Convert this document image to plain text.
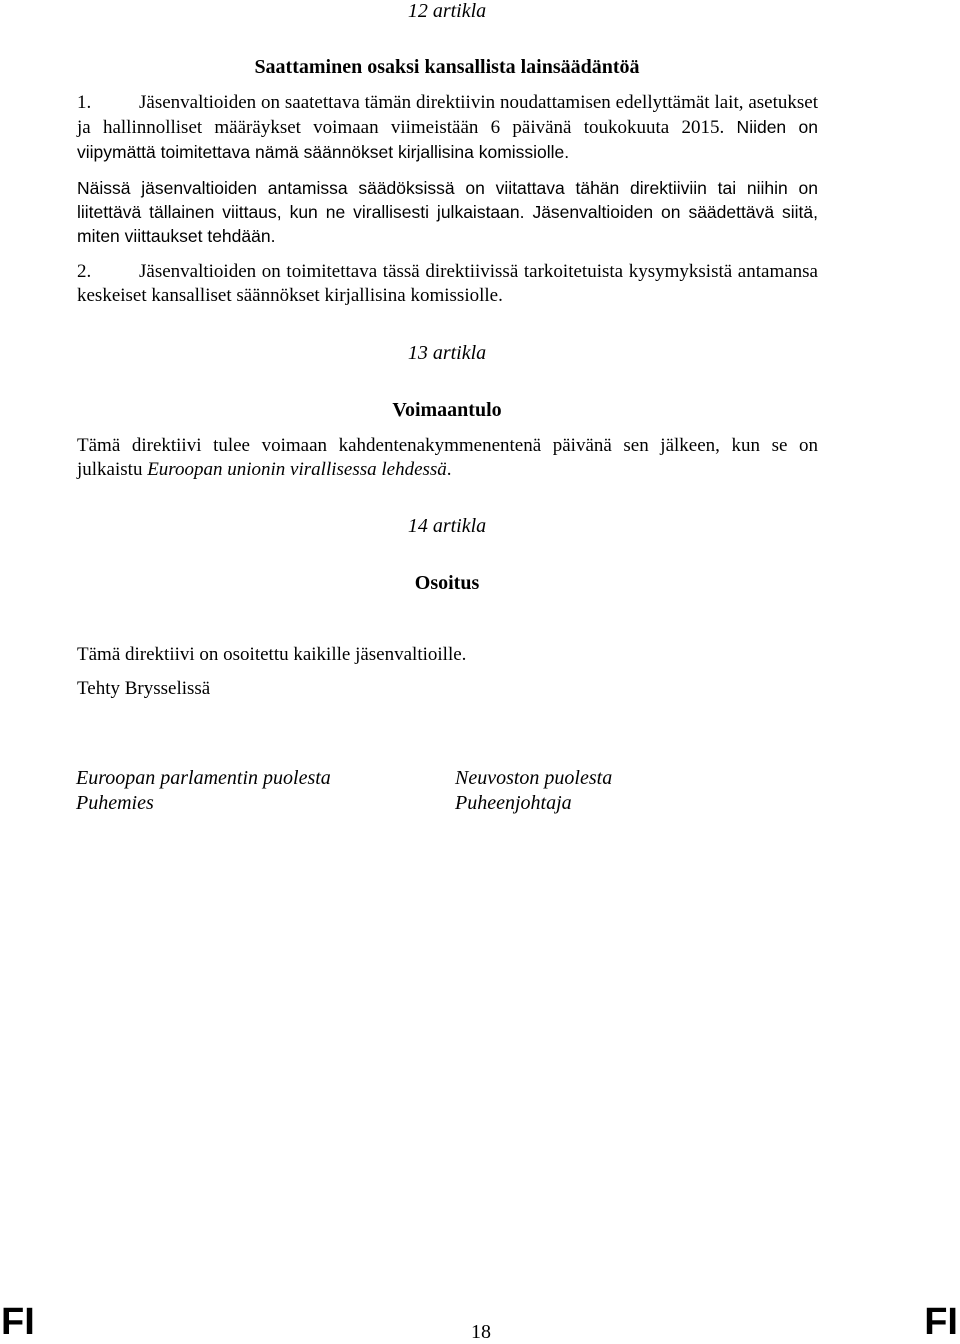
12 artikla
Saattaminen osaksi kansallista lainsäädäntöä

1.	Jäsenvaltioiden on saatettava tämän direktiivin noudattamisen edellyttämät lait, asetukset ja hallinnolliset määräykset voimaan viimeistään 6 päivänä toukokuuta 2015. Niiden on viipymättä toimitettava nämä säännökset kirjallisina komissiolle.

Näissä jäsenvaltioiden antamissa säädöksissä on viitattava tähän direktiiviin tai niihin on liitettävä tällainen viittaus, kun ne virallisesti julkaistaan. Jäsenvaltioiden on säädettävä siitä, miten viittaukset tehdään.

2.	Jäsenvaltioiden on toimitettava tässä direktiivissä tarkoitetuista kysymyksistä antamansa keskeiset kansalliset säännökset kirjallisina komissiolle.

13 artikla
Voimaantulo

Tämä direktiivi tulee voimaan kahdentenakymmenentenä päivänä sen jälkeen, kun se on julkaistu Euroopan unionin virallisessa lehdessä.

14 artikla
Osoitus
Tämä direktiivi on osoitettu kaikille jäsenvaltioille.
Tehty Brysselissä
Euroopan parlamentin puolesta
Puhemies
Neuvoston puolesta
Puheenjohtaja
FI	18	FI
